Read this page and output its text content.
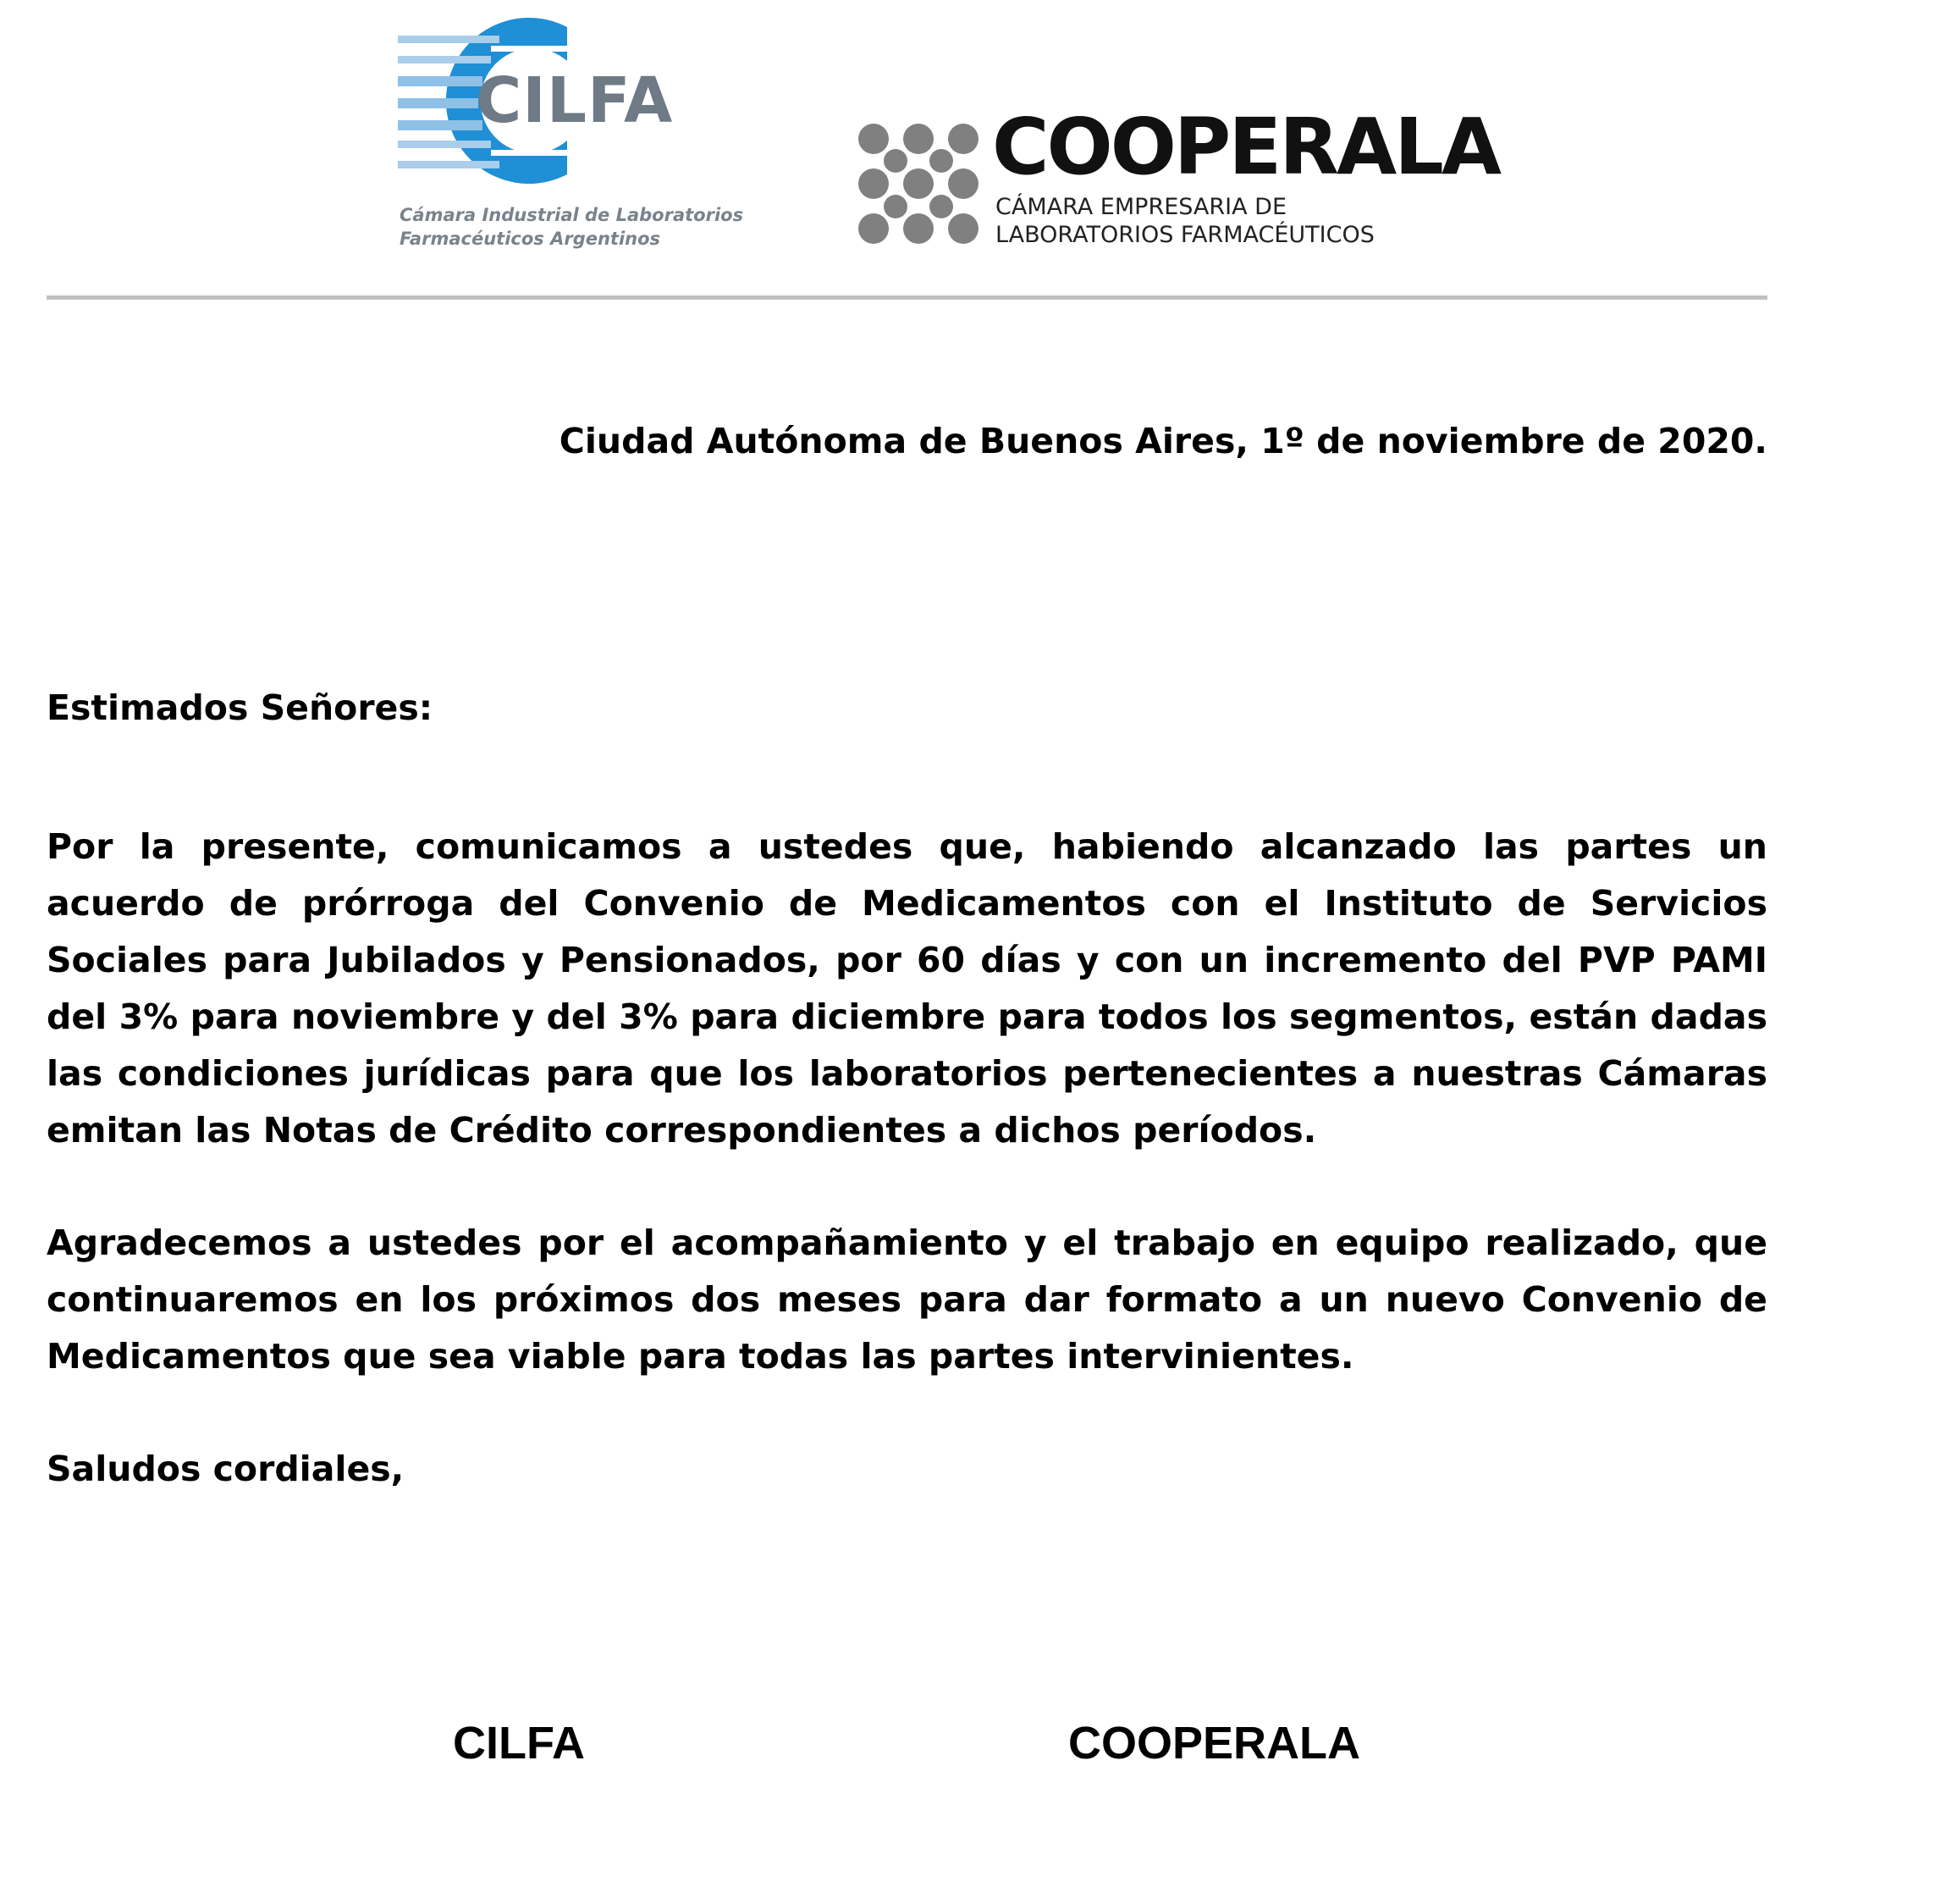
CILFA
Cámara Industrial de Laboratorios
Farmacéuticos Argentinos
COOPERALA
CÁMARA EMPRESARIA DE
LABORATORIOS FARMACÉUTICOS
Ciudad Autónoma de Buenos Aires, 1º de noviembre de 2020.
Estimados Señores:

Por la presente, comunicamos a ustedes que, habiendo alcanzado las partes un acuerdo de prórroga del Convenio de Medicamentos con el Instituto de Servicios Sociales para Jubilados y Pensionados, por 60 días y con un incremento del PVP PAMI del 3% para noviembre y del 3% para diciembre para todos los segmentos, están dadas las condiciones jurídicas para que los laboratorios pertenecientes a nuestras Cámaras emitan las Notas de Crédito correspondientes a dichos períodos.

Agradecemos a ustedes por el acompañamiento y el trabajo en equipo realizado, que continuaremos en los próximos dos meses para dar formato a un nuevo Convenio de Medicamentos que sea viable para todas las partes intervinientes.

Saludos cordiales,
CILFA	COOPERALA
